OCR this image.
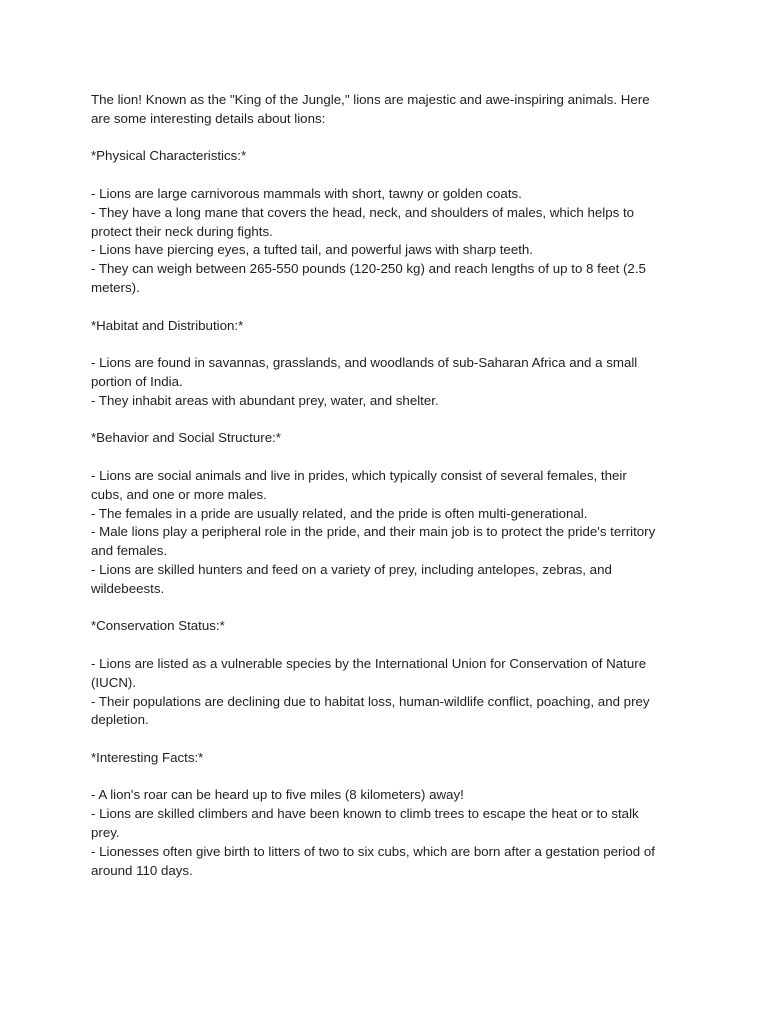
The lion! Known as the "King of the Jungle," lions are majestic and awe-inspiring animals. Here
are some interesting details about lions:
*Physical Characteristics:*
- Lions are large carnivorous mammals with short, tawny or golden coats.
- They have a long mane that covers the head, neck, and shoulders of males, which helps to
protect their neck during fights.
- Lions have piercing eyes, a tufted tail, and powerful jaws with sharp teeth.
- They can weigh between 265-550 pounds (120-250 kg) and reach lengths of up to 8 feet (2.5
meters).
*Habitat and Distribution:*
- Lions are found in savannas, grasslands, and woodlands of sub-Saharan Africa and a small
portion of India.
- They inhabit areas with abundant prey, water, and shelter.
*Behavior and Social Structure:*
- Lions are social animals and live in prides, which typically consist of several females, their
cubs, and one or more males.
- The females in a pride are usually related, and the pride is often multi-generational.
- Male lions play a peripheral role in the pride, and their main job is to protect the pride's territory
and females.
- Lions are skilled hunters and feed on a variety of prey, including antelopes, zebras, and
wildebeests.
*Conservation Status:*
- Lions are listed as a vulnerable species by the International Union for Conservation of Nature
(IUCN).
- Their populations are declining due to habitat loss, human-wildlife conflict, poaching, and prey
depletion.
*Interesting Facts:*
- A lion's roar can be heard up to five miles (8 kilometers) away!
- Lions are skilled climbers and have been known to climb trees to escape the heat or to stalk
prey.
- Lionesses often give birth to litters of two to six cubs, which are born after a gestation period of
around 110 days.
